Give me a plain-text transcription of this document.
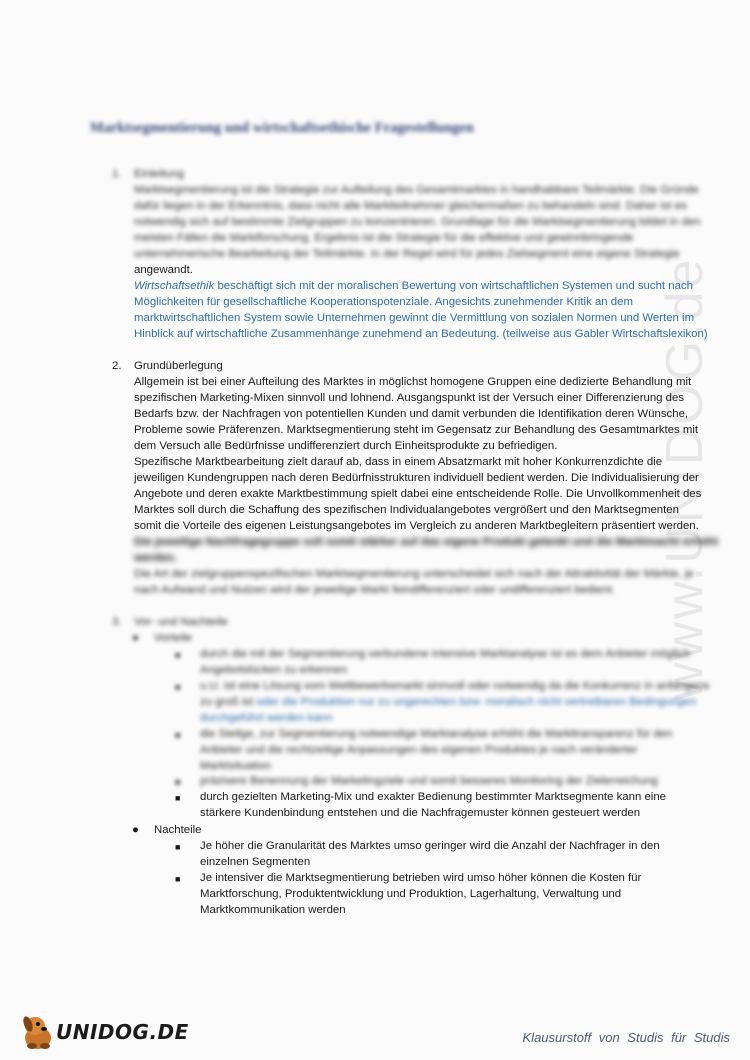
www.UNIDOG.de
Marktsegmentierung und wirtschaftsethische Fragestellungen
1.	Einleitung
Marktsegmentierung ist die Strategie zur Aufteilung des Gesamtmarktes in handhabbare Teilmärkte. Die Gründe
dafür liegen in der Erkenntnis, dass nicht alle Marktteilnehmer gleichermaßen zu behandeln sind. Daher ist es
notwendig sich auf bestimmte Zielgruppen zu konzentrieren. Grundlage für die Marktsegmentierung bildet in den
meisten Fällen die Marktforschung. Ergebnis ist die Strategie für die effektive und gewinnbringende
unternehmerische Bearbeitung der Teilmärkte. In der Regel wird für jedes Zielsegment eine eigene Strategie
angewandt.
Wirtschaftsethik beschäftigt sich mit der moralischen Bewertung von wirtschaftlichen Systemen und sucht nach
Möglichkeiten für gesellschaftliche Kooperationspotenziale. Angesichts zunehmender Kritik an dem
marktwirtschaftlichen System sowie Unternehmen gewinnt die Vermittlung von sozialen Normen und Werten im
Hinblick auf wirtschaftliche Zusammenhänge zunehmend an Bedeutung. (teilweise aus Gabler Wirtschaftslexikon)
2.	Grundüberlegung
Allgemein ist bei einer Aufteilung des Marktes in möglichst homogene Gruppen eine dedizierte Behandlung mit
spezifischen Marketing-Mixen sinnvoll und lohnend. Ausgangspunkt ist der Versuch einer Differenzierung des
Bedarfs bzw. der Nachfragen von potentiellen Kunden und damit verbunden die Identifikation deren Wünsche,
Probleme sowie Präferenzen. Marktsegmentierung steht im Gegensatz zur Behandlung des Gesamtmarktes mit
dem Versuch alle Bedürfnisse undifferenziert durch Einheitsprodukte zu befriedigen.
Spezifische Marktbearbeitung zielt darauf ab, dass in einem Absatzmarkt mit hoher Konkurrenzdichte die
jeweiligen Kundengruppen nach deren Bedürfnisstrukturen individuell bedient werden. Die Individualisierung der
Angebote und deren exakte Marktbestimmung spielt dabei eine entscheidende Rolle. Die Unvollkommenheit des
Marktes soll durch die Schaffung des spezifischen Individualangebotes vergrößert und den Marktsegmenten
somit die Vorteile des eigenen Leistungsangebotes im Vergleich zu anderen Marktbegleitern präsentiert werden.
Die jeweilige Nachfragegruppe soll somit stärker auf das eigene Produkt gelenkt und die Marktmacht erhöht
werden.
Die Art der zielgruppenspezifischen Marktsegmentierung unterscheidet sich nach der Attraktivität der Märkte, je
nach Aufwand und Nutzen wird der jeweilige Markt feindifferenziert oder undifferenziert bedient.
3.	Vor- und Nachteile
● Vorteile
■ durch die mit der Segmentierung verbundene intensive Marktanalyse ist es dem Anbieter möglich
Angebotslücken zu erkennen
■ u.U. ist eine Lösung vom Wettbewerbsmarkt sinnvoll oder notwendig da die Konkurrenz in anfangens
zu groß ist oder die Produktion nur zu ungerechten bzw. moralisch nicht vertretbaren Bedingungen
durchgeführt werden kann
■ die Steilge, zur Segmentierung notwendige Marktanalyse erhöht die Markttransparenz für den
Anbieter und die rechtzeitige Anpassungen des eigenen Produktes je nach veränderter
Marktsituation
■ präzisere Benennung der Marketingziele und somit besseres Monitoring der Zielerreichung
■ durch gezielten Marketing-Mix und exakter Bedienung bestimmter Marktsegmente kann eine
stärkere Kundenbindung entstehen und die Nachfragemuster können gesteuert werden
● Nachteile
■ Je höher die Granularität des Marktes umso geringer wird die Anzahl der Nachfrager in den
einzelnen Segmenten
■ Je intensiver die Marktsegmentierung betrieben wird umso höher können die Kosten für
Marktforschung, Produktentwicklung und Produktion, Lagerhaltung, Verwaltung und
Marktkommunikation werden
UNIDOG.DE	Klausurstoff von Studis für Studis
